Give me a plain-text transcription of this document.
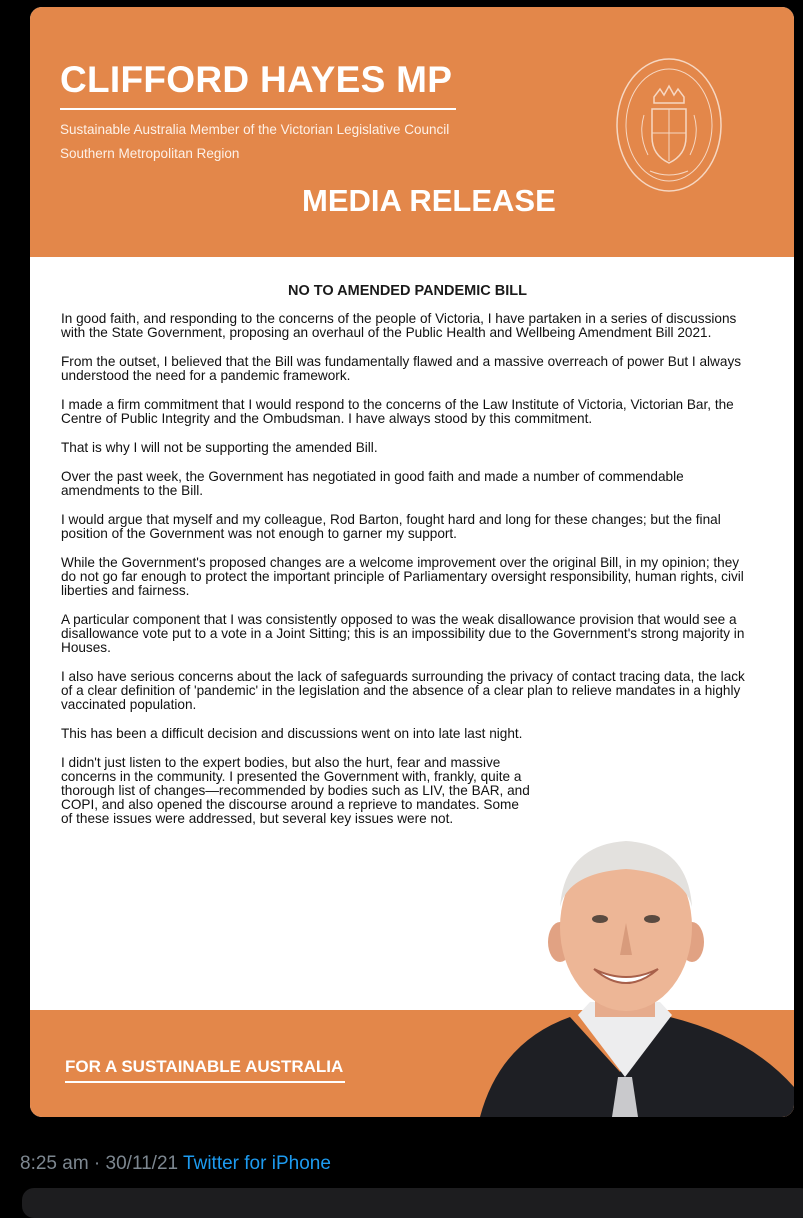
CLIFFORD HAYES MP
Sustainable Australia Member of the Victorian Legislative Council
Southern Metropolitan Region
MEDIA RELEASE
NO TO AMENDED PANDEMIC BILL

In good faith, and responding to the concerns of the people of Victoria, I have partaken in a series of discussions with the State Government, proposing an overhaul of the Public Health and Wellbeing Amendment Bill 2021.

From the outset, I believed that the Bill was fundamentally flawed and a massive overreach of power But I always understood the need for a pandemic framework.

I made a firm commitment that I would respond to the concerns of the Law Institute of Victoria, Victorian Bar, the Centre of Public Integrity and the Ombudsman. I have always stood by this commitment.

That is why I will not be supporting the amended Bill.

Over the past week, the Government has negotiated in good faith and made a number of commendable amendments to the Bill.

I would argue that myself and my colleague, Rod Barton, fought hard and long for these changes; but the final position of the Government was not enough to garner my support.

While the Government's proposed changes are a welcome improvement over the original Bill, in my opinion; they do not go far enough to protect the important principle of Parliamentary oversight responsibility, human rights, civil liberties and fairness.

A particular component that I was consistently opposed to was the weak disallowance provision that would see a disallowance vote put to a vote in a Joint Sitting; this is an impossibility due to the Government's strong majority in Houses.

I also have serious concerns about the lack of safeguards surrounding the privacy of contact tracing data, the lack of a clear definition of 'pandemic' in the legislation and the absence of a clear plan to relieve mandates in a highly vaccinated population.

This has been a difficult decision and discussions went on into late last night.

I didn't just listen to the expert bodies, but also the hurt, fear and massive concerns in the community. I presented the Government with, frankly, quite a thorough list of changes—recommended by bodies such as LIV, the BAR, and COPI, and also opened the discourse around a reprieve to mandates. Some of these issues were addressed, but several key issues were not.

FOR A SUSTAINABLE AUSTRALIA
8:25 am · 30/11/21 Twitter for iPhone
